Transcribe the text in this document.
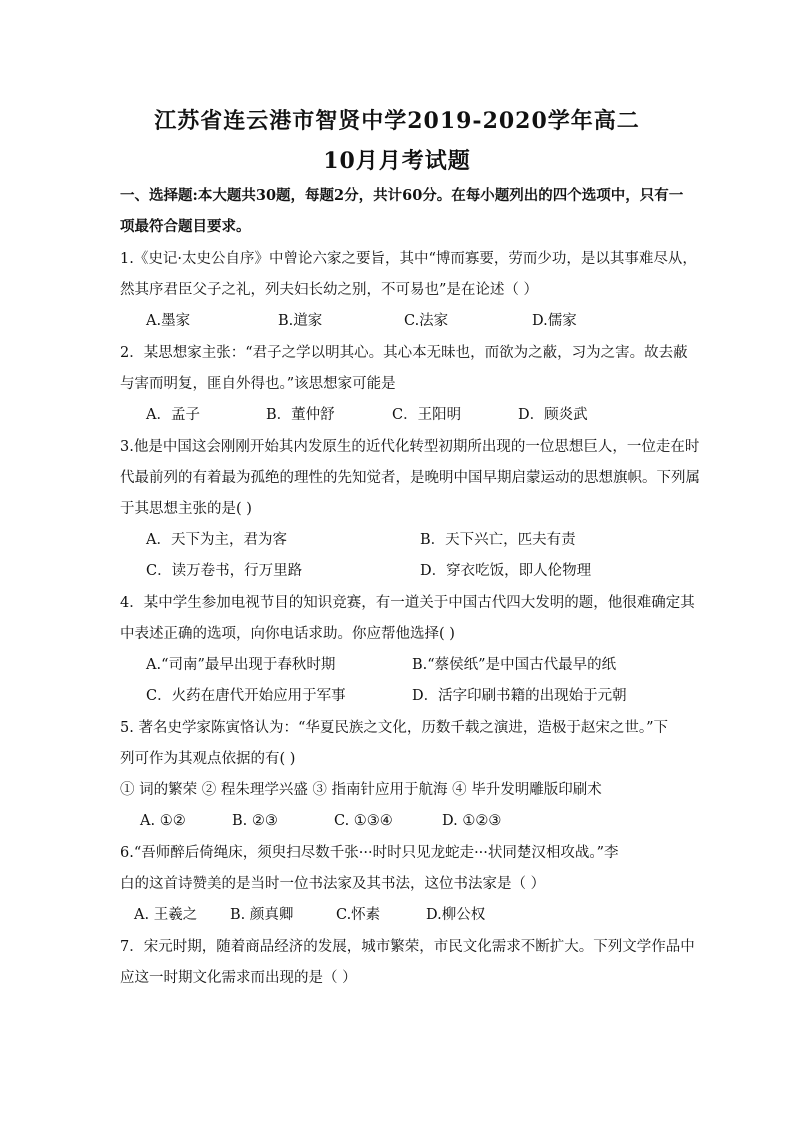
江苏省连云港市智贤中学2019-2020学年高二
10月月考试题
一、选择题:本大题共30题，每题2分，共计60分。在每小题列出的四个选项中，只有一
项最符合题目要求。
1.《史记·太史公自序》中曾论六家之要旨，其中“博而寡要，劳而少功，是以其事难尽从，
然其序君臣父子之礼，列夫妇长幼之别，不可易也”是在论述（ ）
A.墨家	B.道家	C.法家	D.儒家
2．某思想家主张：“君子之学以明其心。其心本无昧也，而欲为之蔽，习为之害。故去蔽
与害而明复，匪自外得也。”该思想家可能是
A．孟子	B．董仲舒	C．王阳明	D．顾炎武
3.他是中国这会刚刚开始其内发原生的近代化转型初期所出现的一位思想巨人，一位走在时
代最前列的有着最为孤绝的理性的先知觉者，是晚明中国早期启蒙运动的思想旗帜。下列属
于其思想主张的是( )
A．天下为主，君为客	B．天下兴亡，匹夫有责
C．读万卷书，行万里路	D．穿衣吃饭，即人伦物理
4．某中学生参加电视节目的知识竞赛，有一道关于中国古代四大发明的题，他很难确定其
中表述正确的选项，向你电话求助。你应帮他选择( )
A.“司南”最早出现于春秋时期	B.“蔡侯纸”是中国古代最早的纸
C．火药在唐代开始应用于军事	D．活字印刷书籍的出现始于元朝
5. 著名史学家陈寅恪认为：“华夏民族之文化，历数千载之演进，造极于赵宋之世。”下
列可作为其观点依据的有( )
① 词的繁荣 ② 程朱理学兴盛 ③ 指南针应用于航海 ④ 毕升发明雕版印刷术
A. ①②	B. ②③	C. ①③④	D. ①②③
6.“吾师醉后倚绳床，须臾扫尽数千张···时时只见龙蛇走···状同楚汉相攻战。”李
白的这首诗赞美的是当时一位书法家及其书法，这位书法家是（ ）
A. 王羲之 B. 颜真卿	C.怀素	D.柳公权
7．宋元时期，随着商品经济的发展，城市繁荣，市民文化需求不断扩大。下列文学作品中
应这一时期文化需求而出现的是（ ）
